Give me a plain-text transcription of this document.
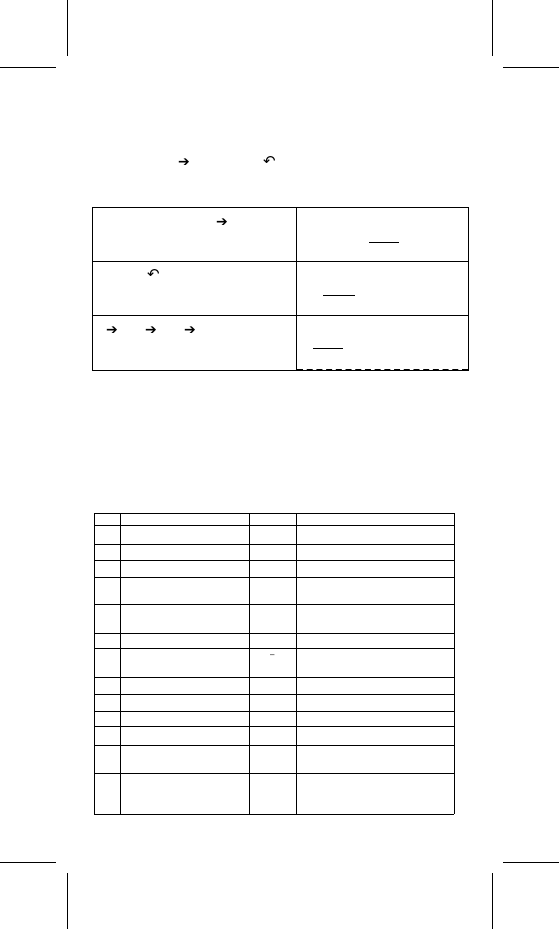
➔	↶
➔
↶
➔ ➔ ➔
–
